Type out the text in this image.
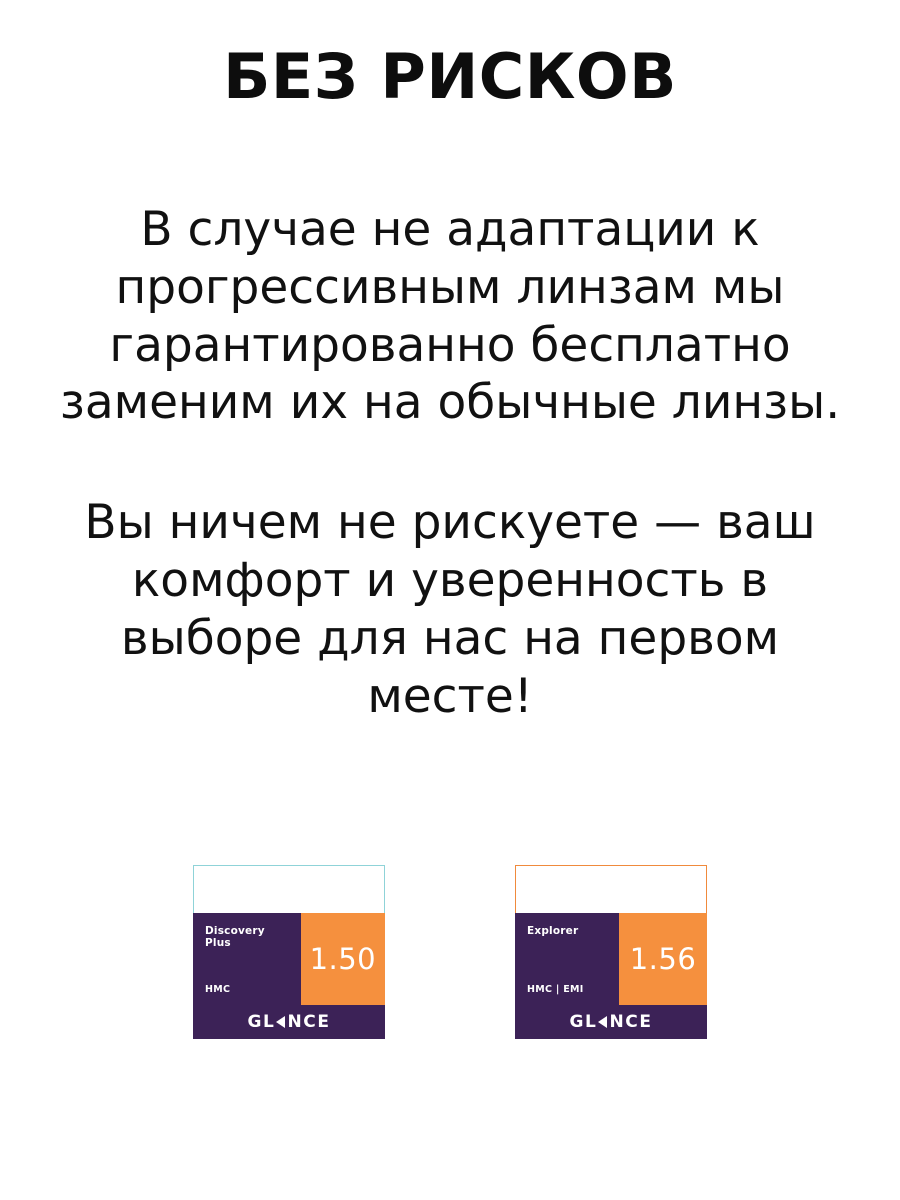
БЕЗ РИСКОВ
В случае не адаптации к прогрессивным линзам мы гарантированно бесплатно заменим их на обычные линзы.
Вы ничем не рискуете — ваш комфорт и уверенность в выборе для нас на первом месте!
Discovery Plus
HMC
1.50
GL NCE
Explorer
HMC | EMI
1.56
GL NCE
